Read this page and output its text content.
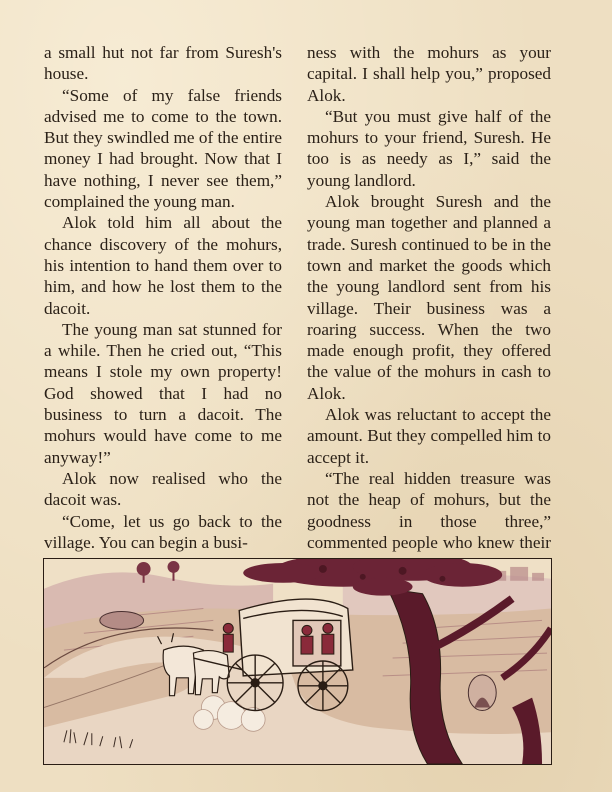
a small hut not far from Suresh's house.

“Some of my false friends advised me to come to the town. But they swindled me of the entire money I had brought. Now that I have nothing, I never see them,” complained the young man.

Alok told him all about the chance discovery of the mohurs, his intention to hand them over to him, and how he lost them to the dacoit.

The young man sat stunned for a while. Then he cried out, “This means I stole my own property! God showed that I had no business to turn a dacoit. The mohurs would have come to me anyway!”

Alok now realised who the dacoit was.

“Come, let us go back to the village. You can begin a busi-

ness with the mohurs as your capital. I shall help you,” proposed Alok.

“But you must give half of the mohurs to your friend, Suresh. He too is as needy as I,” said the young landlord.

Alok brought Suresh and the young man together and planned a trade. Suresh continued to be in the town and market the goods which the young landlord sent from his village. Their business was a roaring success. When the two made enough profit, they offered the value of the mohurs in cash to Alok.

Alok was reluctant to accept the amount. But they compelled him to accept it.

“The real hidden treasure was not the heap of mohurs, but the goodness in those three,” commented people who knew their
